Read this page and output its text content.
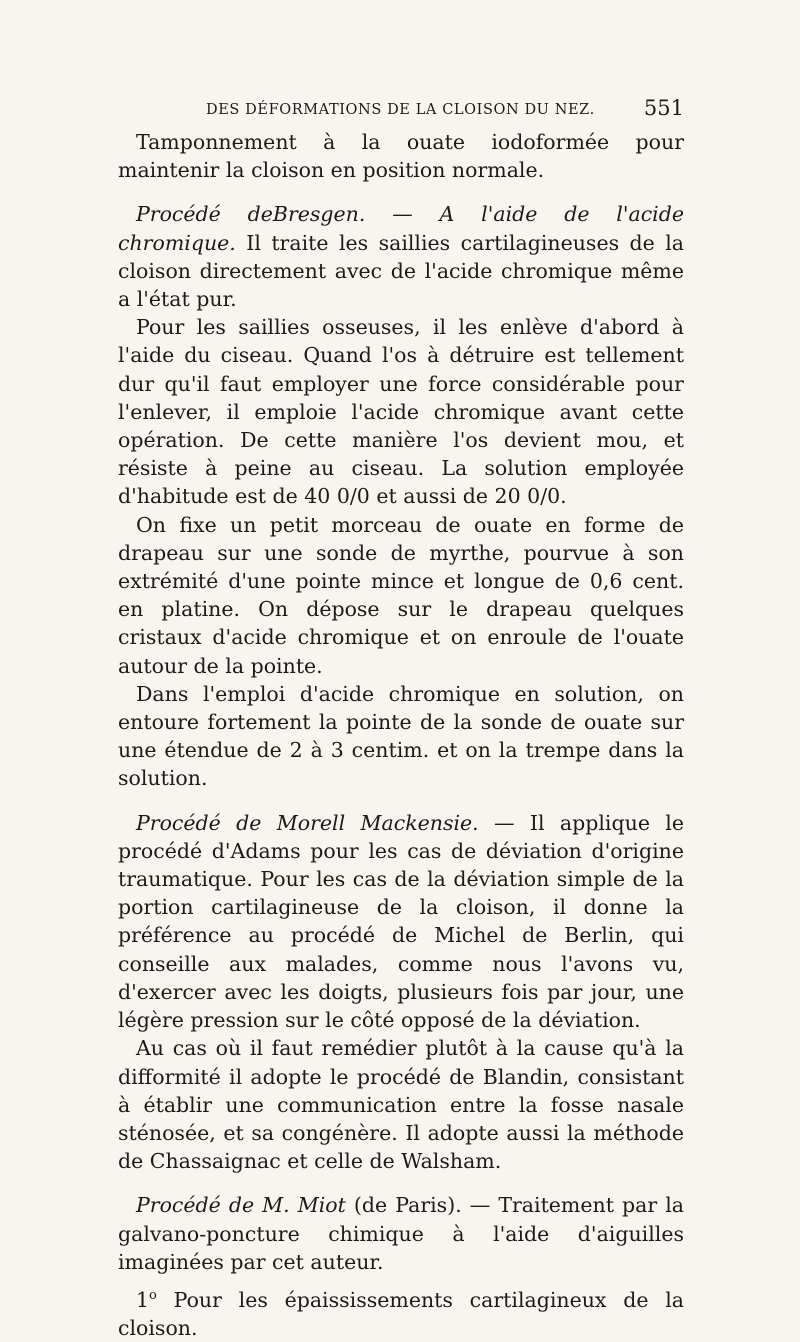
DES DÉFORMATIONS DE LA CLOISON DU NEZ. 551

Tamponnement à la ouate iodoformée pour maintenir la cloison en position normale.

Procédé deBresgen. — A l'aide de l'acide chromique. Il traite les saillies cartilagineuses de la cloison directement avec de l'acide chromique même a l'état pur.

Pour les saillies osseuses, il les enlève d'abord à l'aide du ciseau. Quand l'os à détruire est tellement dur qu'il faut employer une force considérable pour l'enlever, il emploie l'acide chromique avant cette opération. De cette manière l'os devient mou, et résiste à peine au ciseau. La solution employée d'habitude est de 40 0/0 et aussi de 20 0/0.

On fixe un petit morceau de ouate en forme de drapeau sur une sonde de myrthe, pourvue à son extrémité d'une pointe mince et longue de 0,6 cent. en platine. On dépose sur le drapeau quelques cristaux d'acide chromique et on enroule de l'ouate autour de la pointe.

Dans l'emploi d'acide chromique en solution, on entoure fortement la pointe de la sonde de ouate sur une étendue de 2 à 3 centim. et on la trempe dans la solution.

Procédé de Morell Mackensie. — Il applique le procédé d'Adams pour les cas de déviation d'origine traumatique. Pour les cas de la déviation simple de la portion cartilagineuse de la cloison, il donne la préférence au procédé de Michel de Berlin, qui conseille aux malades, comme nous l'avons vu, d'exercer avec les doigts, plusieurs fois par jour, une légère pression sur le côté opposé de la déviation.

Au cas où il faut remédier plutôt à la cause qu'à la difformité il adopte le procédé de Blandin, consistant à établir une communication entre la fosse nasale sténosée, et sa congénère. Il adopte aussi la méthode de Chassaignac et celle de Walsham.

Procédé de M. Miot (de Paris). — Traitement par la galvano-poncture chimique à l'aide d'aiguilles imaginées par cet auteur.

1$^o$ Pour les épaississements cartilagineux de la cloison.
